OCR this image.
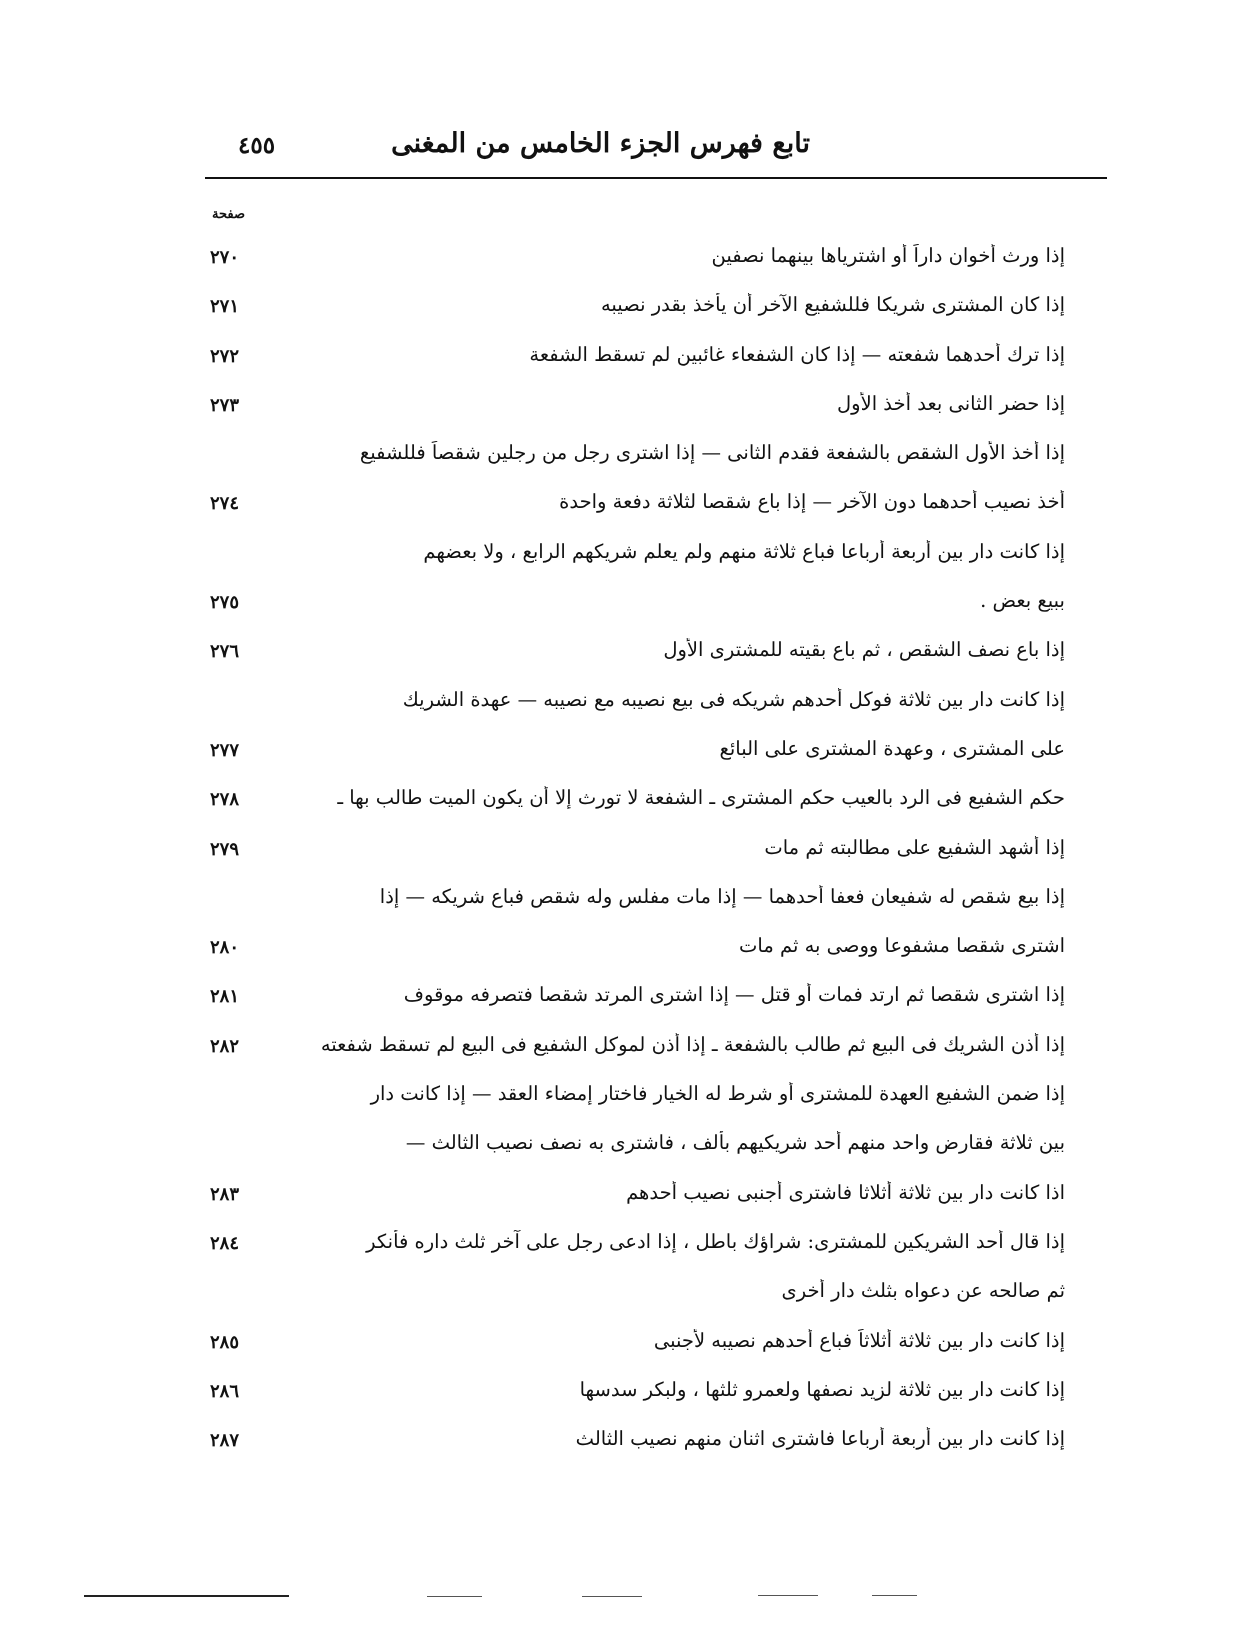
تابع فهرس الجزء الخامس من المغنى
٤٥٥
صفحة
إذا ورث أخوان داراً أو اشترياها بينهما نصفين
٢٧٠
إذا كان المشترى شريكا فللشفيع الآخر أن يأخذ بقدر نصيبه
٢٧١
إذا ترك أحدهما شفعته — إذا كان الشفعاء غائبين لم تسقط الشفعة
٢٧٢
إذا حضر الثانى بعد أخذ الأول
٢٧٣
إذا أخذ الأول الشقص بالشفعة فقدم الثانى — إذا اشترى رجل من رجلين شقصاً فللشفيع
أخذ نصيب أحدهما دون الآخر — إذا باع شقصا لثلاثة دفعة واحدة
٢٧٤
إذا كانت دار بين أربعة أرباعا فباع ثلاثة منهم ولم يعلم شريكهم الرابع ، ولا بعضهم
ببيع بعض .
٢٧٥
إذا باع نصف الشقص ، ثم باع بقيته للمشترى الأول
٢٧٦
إذا كانت دار بين ثلاثة فوكل أحدهم شريكه فى بيع نصيبه مع نصيبه — عهدة الشريك
على المشترى ، وعهدة المشترى على البائع
٢٧٧
حكم الشفيع فى الرد بالعيب حكم المشترى ـ الشفعة لا تورث إلا أن يكون الميت طالب بها ـ
٢٧٨
إذا أشهد الشفيع على مطالبته ثم مات
٢٧٩
إذا بيع شقص له شفيعان فعفا أحدهما — إذا مات مفلس وله شقص فباع شريكه — إذا
اشترى شقصا مشفوعا ووصى به ثم مات
٢٨٠
إذا اشترى شقصا ثم ارتد فمات أو قتل — إذا اشترى المرتد شقصا فتصرفه موقوف
٢٨١
إذا أذن الشريك فى البيع ثم طالب بالشفعة ـ إذا أذن لموكل الشفيع فى البيع لم تسقط شفعته
٢٨٢
إذا ضمن الشفيع العهدة للمشترى أو شرط له الخيار فاختار إمضاء العقد — إذا كانت دار
بين ثلاثة فقارض واحد منهم أحد شريكيهم بألف ، فاشترى به نصف نصيب الثالث —
اذا كانت دار بين ثلاثة أثلاثا فاشترى أجنبى نصيب أحدهم
٢٨٣
إذا قال أحد الشريكين للمشترى: شراؤك باطل ، إذا ادعى رجل على آخر ثلث داره فأنكر
٢٨٤
ثم صالحه عن دعواه بثلث دار أخرى
إذا كانت دار بين ثلاثة أثلاثاً فباع أحدهم نصيبه لأجنبى
٢٨٥
إذا كانت دار بين ثلاثة لزيد نصفها ولعمرو ثلثها ، ولبكر سدسها
٢٨٦
إذا كانت دار بين أربعة أرباعا فاشترى اثنان منهم نصيب الثالث
٢٨٧
